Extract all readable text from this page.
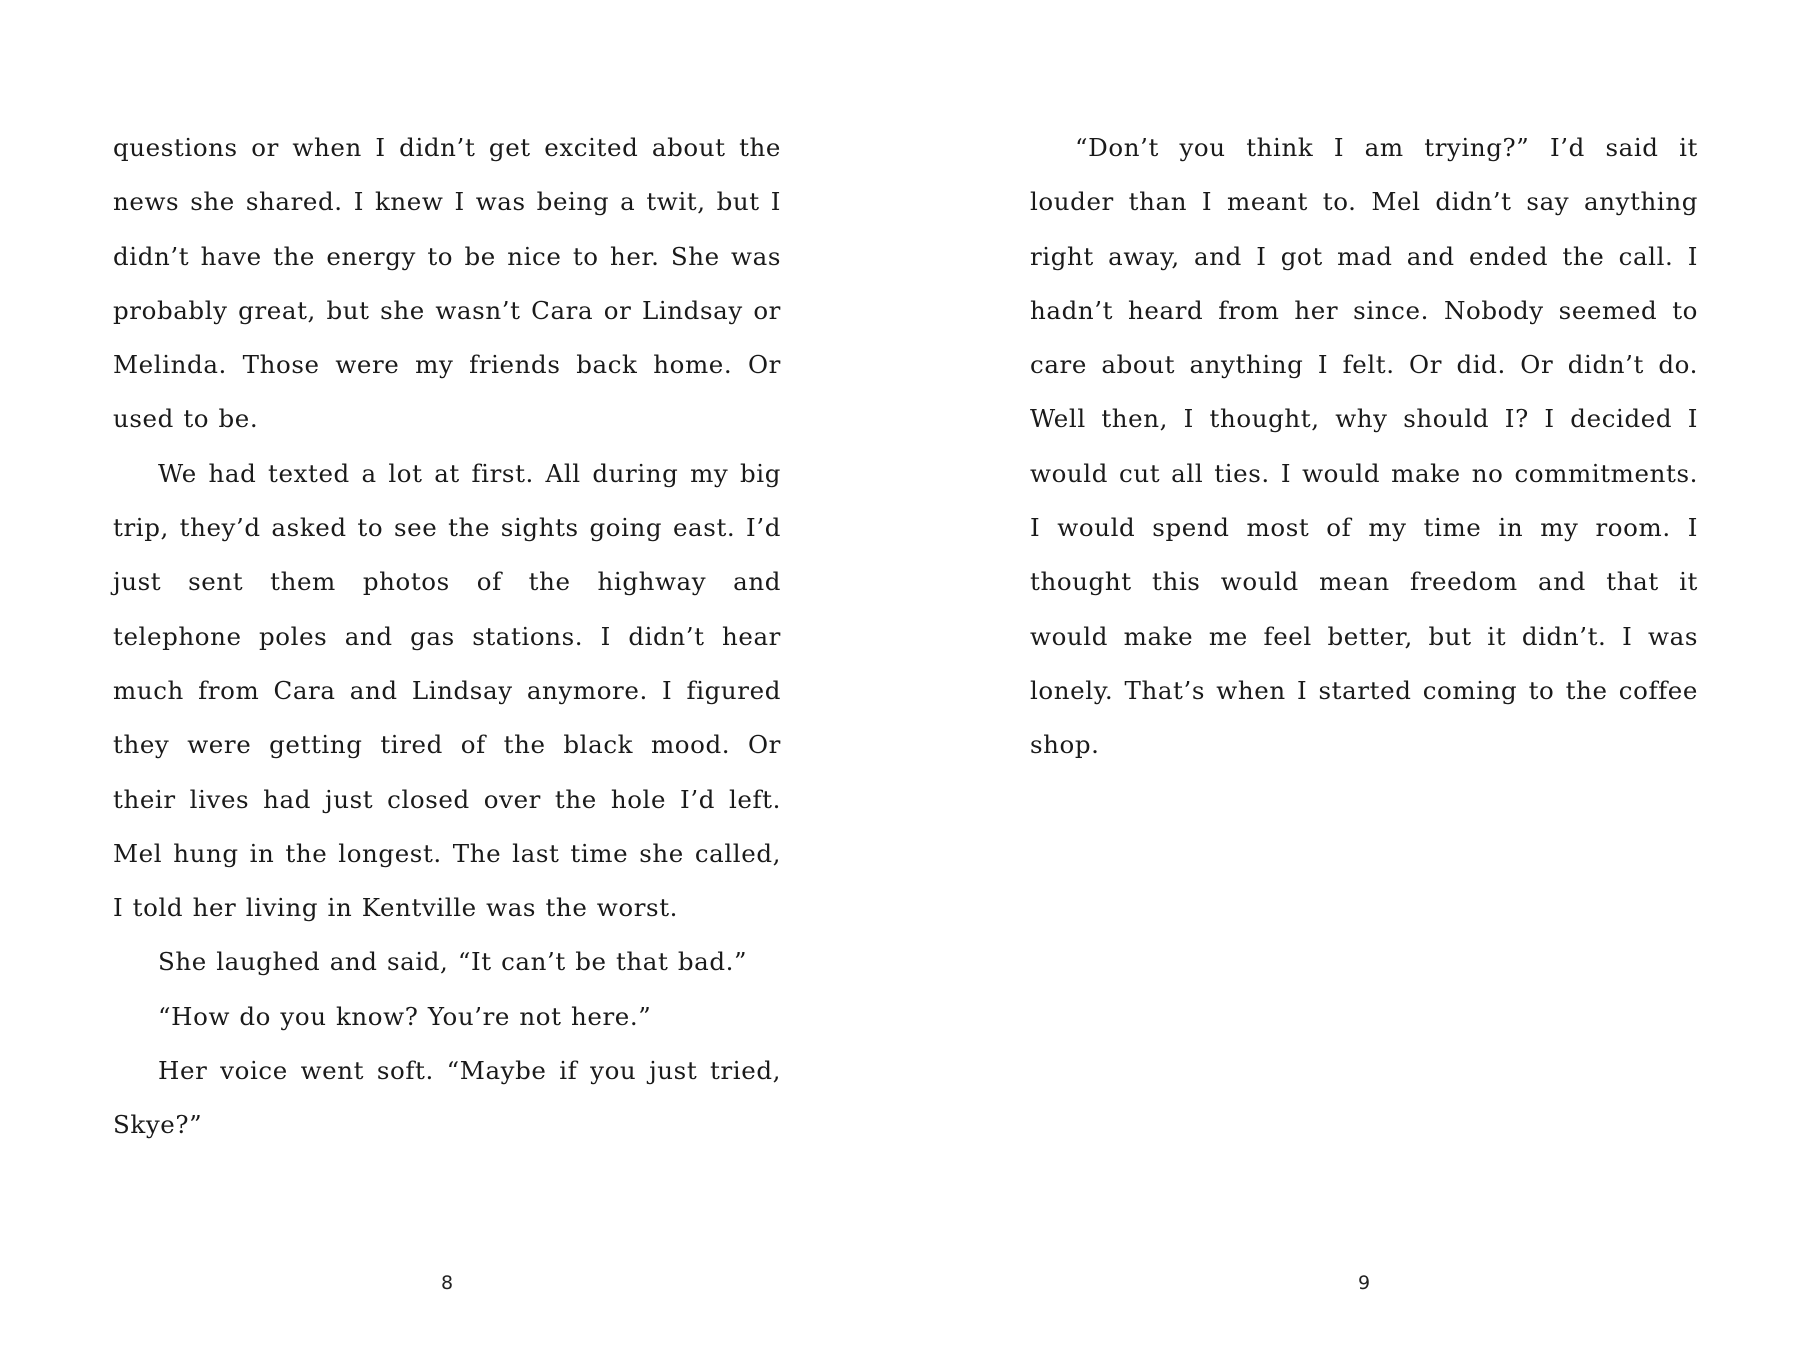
questions or when I didn’t get excited about the news she shared. I knew I was being a twit, but I didn’t have the energy to be nice to her. She was probably great, but she wasn’t Cara or Lindsay or Melinda. Those were my friends back home. Or used to be.

We had texted a lot at first. All during my big trip, they’d asked to see the sights going east. I’d just sent them photos of the highway and telephone poles and gas stations. I didn’t hear much from Cara and Lindsay anymore. I figured they were getting tired of the black mood. Or their lives had just closed over the hole I’d left. Mel hung in the longest. The last time she called, I told her living in Kentville was the worst.

She laughed and said, “It can’t be that bad.”

“How do you know? You’re not here.”

Her voice went soft. “Maybe if you just tried, Skye?”

“Don’t you think I am trying?” I’d said it louder than I meant to. Mel didn’t say anything right away, and I got mad and ended the call. I hadn’t heard from her since. Nobody seemed to care about anything I felt. Or did. Or didn’t do. Well then, I thought, why should I? I decided I would cut all ties. I would make no commitments. I would spend most of my time in my room. I thought this would mean freedom and that it would make me feel better, but it didn’t. I was lonely. That’s when I started coming to the coffee shop.

8	9
